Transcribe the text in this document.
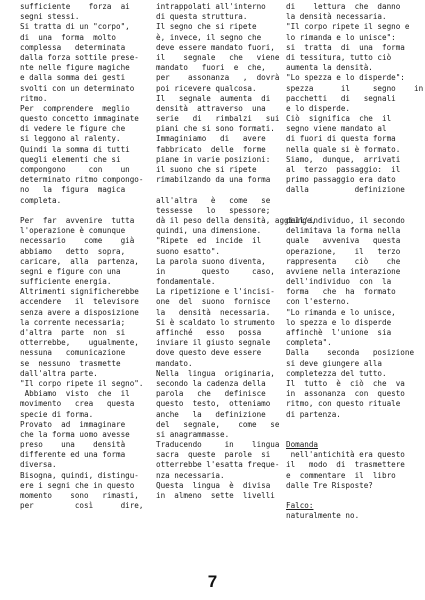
sufficiente    forza  ai
segni stessi.
Si tratta di un "corpo",
di  una  forma  molto
complessa   determinata
dalla forza sottile prese-
nte nelle figure magiche
e dalla somma dei gesti
svolti con un determinato
ritmo.
Per  comprendere  meglio
questo concetto immaginate
di vedere le figure che
si leggono al ralenty.
Quindi la somma di tutti
quegli elementi che si
compongono     con    un
determinato ritmo compongo-
no   la  figura  magica
completa.
Per  far  avvenire  tutta
l'operazione è comunque
necessario    come    già
abbiamo   detto  sopra,
caricare,  alla  partenza,
segni e figure con una
sufficiente energia.
Altrimenti significherebbe
accendere   il  televisore
senza avere a disposizione
la corrente necessaria;
d'altra  parte  non  si
otterrebbe,    ugualmente,
nessuna   comunicazione
se  nessuno  trasmette
dall'altra parte.
"Il corpo ripete il segno".
Abbiamo  visto  che  il
movimento   crea   questa
specie di forma.
Provato  ad  immaginare
che la forma uomo avesse
preso    una    densità
differente ed una forma
diversa.
Bisogna, quindi, distingu-
ere i segni che in questo
momento    sono   rimasti,
per         così      dire,
intrappolati all'interno
di questa struttura.
Il segno che si ripete
è, invece, il segno che
deve essere mandato fuori,
il    segnale   che   viene
mandato   fuori  e  che,
per    assonanza   ,  dovrà
poi ricevere qualcosa.
Il   segnale  aumenta  di
densità  attraverso  una
serie   di   rimbalzi   sui
piani che si sono formati.
Immaginiamo   di   avere
fabbricato  delle  forme
piane in varie posizioni:
il suono che si ripete
rimabilzando da una forma
all'altra   è   come   se
tessesse   lo   spessore;
dà il peso della densità, aggiunge,
quindi, una dimensione.
"Ripete  ed  incide  il
suono esatto".
La parola suono diventa,
in        questo     caso,
fondamentale.
La ripetizione e l'incisi-
one  del  suono  fornisce
la   densità  necessaria.
Si è scaldato lo strumento
affinché   esso   possa
inviare il giusto segnale
dove questo deve essere
mandato.
Nella  lingua  originaria,
secondo la cadenza della
parola   che   definisce
questo  testo,  otteniamo
anche   la   definizione
del   segnale,    come   se
si anagrammasse.
Traducendo     in    lingua
sacra  queste  parole  si
otterrebbe l'esatta freque-
nza necessaria.
Questa  lingua  è  divisa
in  almeno  sette  livelli
di    lettura  che  danno
la densità necessaria.
"Il corpo ripete il segno e
lo rimanda e lo unisce":
si  tratta  di  una  forma
di tessitura, tutto ciò
aumenta la densità.
"Lo spezza e lo disperde":
spezza      il     segno    in
pacchetti   di   segnali
e lo disperde.
Ciò  significa  che  il
segno viene mandato al
di fuori di questa forma
nella quale si è formato.
Siamo,  dunque,  arrivati
al  terzo  passaggio:  il
primo passaggio era dato
dalla          definizione
dell'individuo, il secondo
delimitava la forma nella
quale   avveniva   questa
operazione,    il   terzo
rappresenta    ciò    che
avviene nella interazione
dell'individuo  con  la
forma   che  ha  formato
con l'esterno.
"Lo rimanda e lo unisce,
lo spezza e lo disperde
affinchè  l'unione  sia
completa".
Dalla    seconda   posizione
si deve giungere alla
completezza del tutto.
Il  tutto  è  ciò  che  va
in  assonanza  con  questo
ritmo, con questo rituale
di partenza.
Domanda
nell'antichità era questo
il   modo  di  trasmettere
e  commentare  il  libro
dalle Tre Risposte?
Falco:
naturalmente no.
7
